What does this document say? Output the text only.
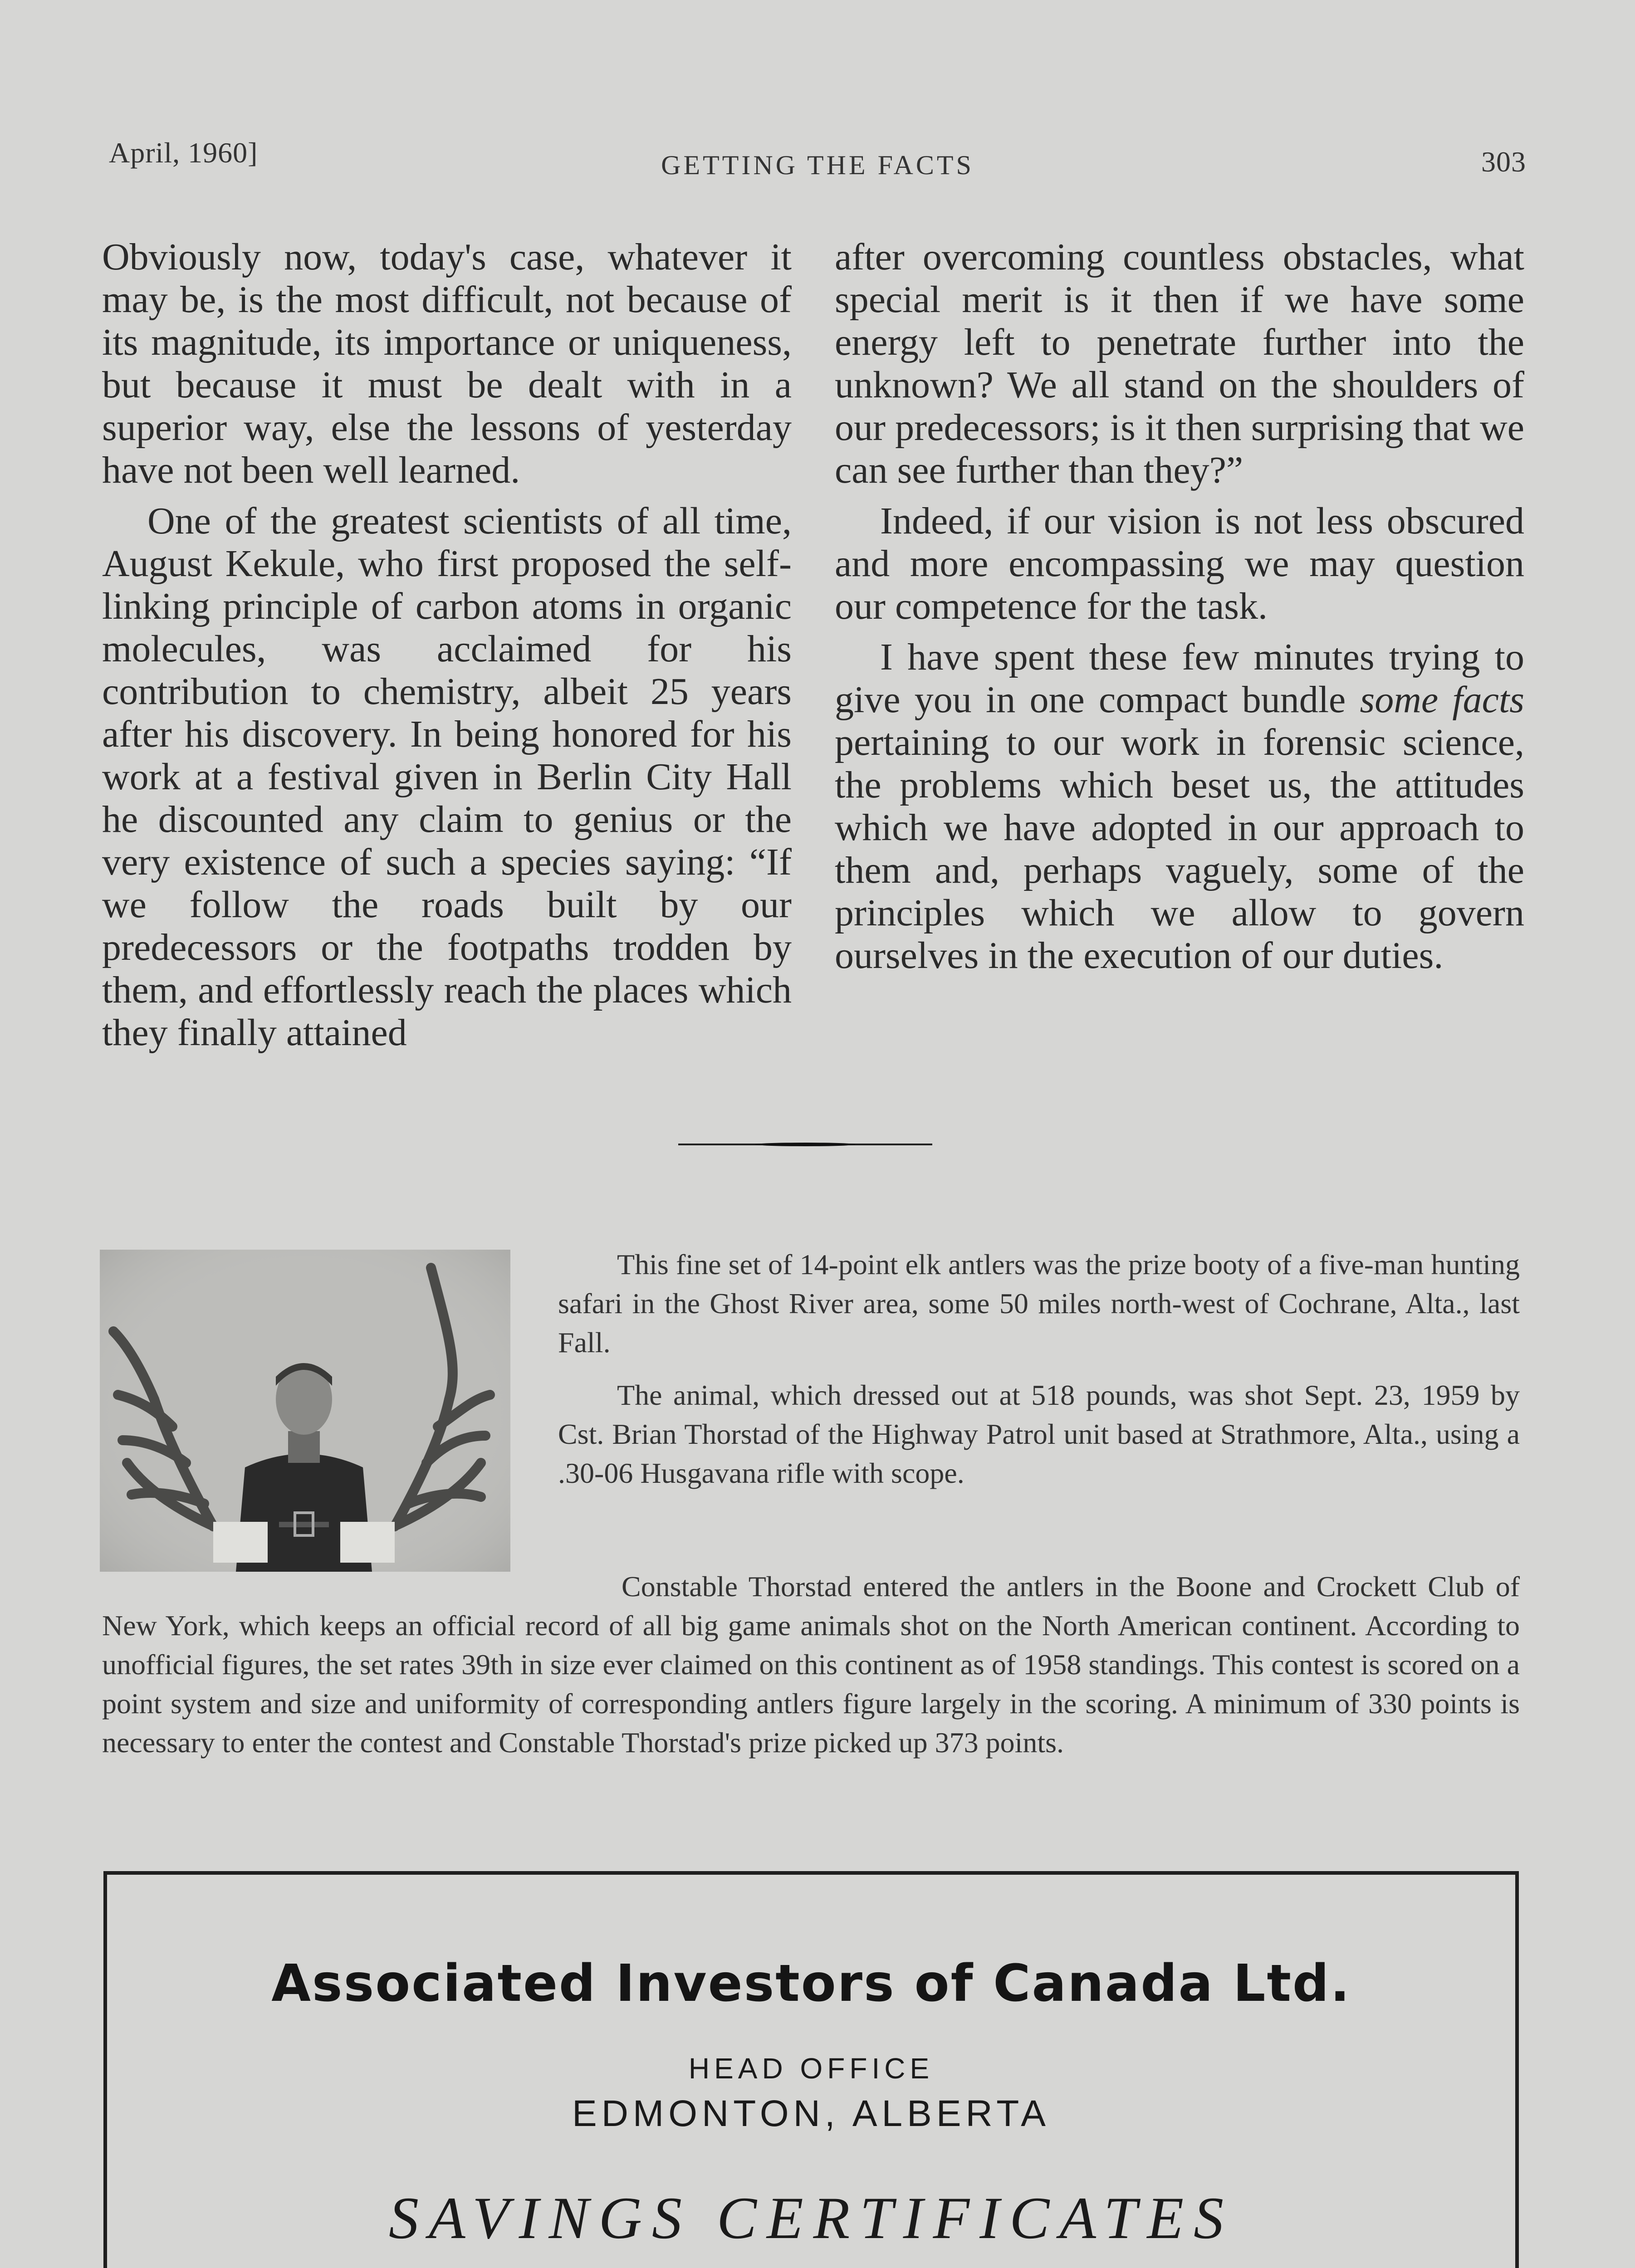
April, 1960]	GETTING THE FACTS	303

Obviously now, today's case, whatever it may be, is the most difficult, not because of its magnitude, its importance or uniqueness, but because it must be dealt with in a superior way, else the lessons of yesterday have not been well learned.

One of the greatest scientists of all time, August Kekule, who first proposed the self-linking principle of carbon atoms in organic molecules, was acclaimed for his contribution to chemistry, albeit 25 years after his discovery. In being honored for his work at a festival given in Berlin City Hall he discounted any claim to genius or the very existence of such a species saying: “If we follow the roads built by our predecessors or the footpaths trodden by them, and effortlessly reach the places which they finally attained

after overcoming countless obstacles, what special merit is it then if we have some energy left to penetrate further into the unknown? We all stand on the shoulders of our predecessors; is it then surprising that we can see further than they?”

Indeed, if our vision is not less obscured and more encompassing we may question our competence for the task.

I have spent these few minutes trying to give you in one compact bundle some facts pertaining to our work in forensic science, the problems which beset us, the attitudes which we have adopted in our approach to them and, perhaps vaguely, some of the principles which we allow to govern ourselves in the execution of our duties.

This fine set of 14-point elk antlers was the prize booty of a five-man hunting safari in the Ghost River area, some 50 miles north-west of Cochrane, Alta., last Fall.

The animal, which dressed out at 518 pounds, was shot Sept. 23, 1959 by Cst. Brian Thorstad of the Highway Patrol unit based at Strathmore, Alta., using a .30-06 Husgavana rifle with scope.

Constable Thorstad entered the antlers in the Boone and Crockett Club of New York, which keeps an official record of all big game animals shot on the North American continent. According to unofficial figures, the set rates 39th in size ever claimed on this continent as of 1958 standings. This contest is scored on a point system and size and uniformity of corresponding antlers figure largely in the scoring. A minimum of 330 points is necessary to enter the contest and Constable Thorstad's prize picked up 373 points.

Associated Investors of Canada Ltd.
HEAD OFFICE
EDMONTON, ALBERTA
SAVINGS CERTIFICATES
